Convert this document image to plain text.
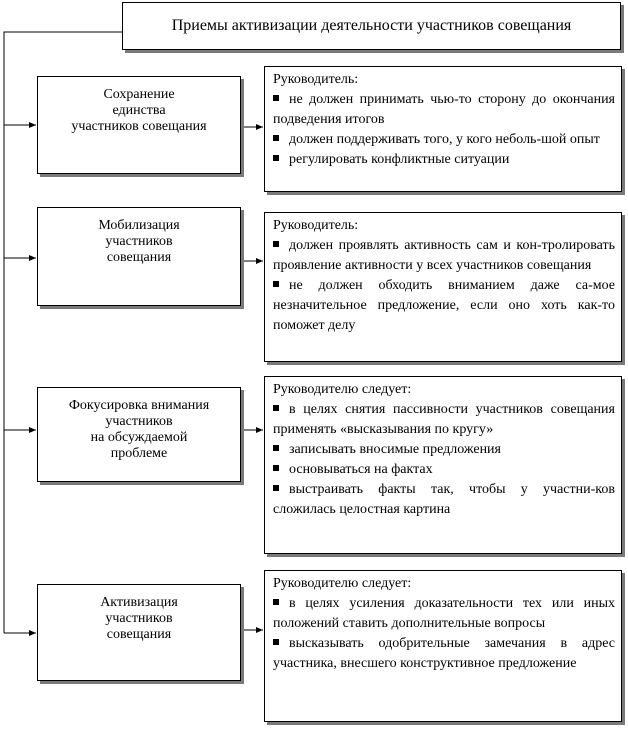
Приемы активизации деятельности участников совещания
Сохранение
единства
участников совещания
Руководитель:
не должен принимать чью-то сторону до окончания подведения итогов
должен поддерживать того, у кого неболь-шой опыт
регулировать конфликтные ситуации
Мобилизация
участников
совещания
Руководитель:
должен проявлять активность сам и кон-тролировать проявление активности у всех участников совещания
не должен обходить вниманием даже са-мое незначительное предложение, если оно хоть как-то поможет делу
Фокусировка внимания
участников
на обсуждаемой
проблеме
Руководителю следует:
в целях снятия пассивности участников совещания применять «высказывания по кругу»
записывать вносимые предложения
основываться на фактах
выстраивать факты так, чтобы у участни-ков сложилась целостная картина
Активизация
участников
совещания
Руководителю следует:
в целях усиления доказательности тех или иных положений ставить дополнительные вопросы
высказывать одобрительные замечания в адрес участника, внесшего конструктивное предложение
